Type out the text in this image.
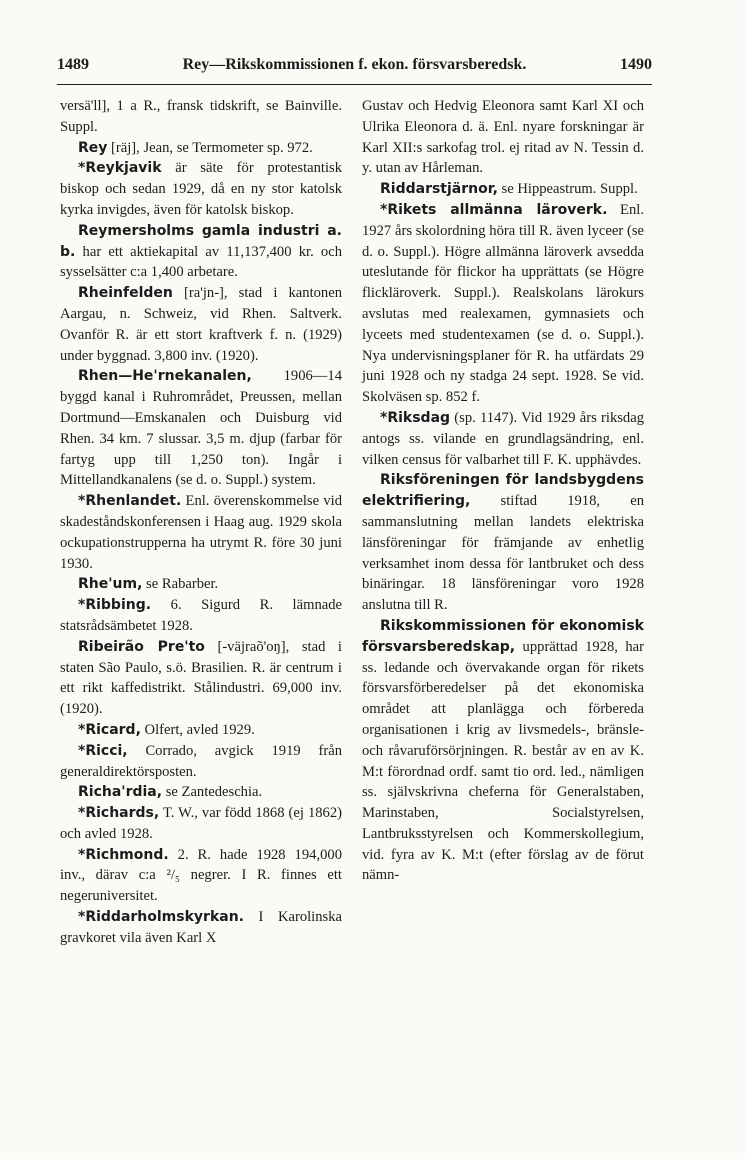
1489	Rey—Rikskommissionen f. ekon. försvarsberedsk.	1490

versä'll], 1 a R., fransk tidskrift, se Bainville. Suppl.

Rey [räj], Jean, se Termometer sp. 972.

*Reykjavik är säte för protestantisk biskop och sedan 1929, då en ny stor katolsk kyrka invigdes, även för katolsk biskop.

Reymersholms gamla industri a. b. har ett aktiekapital av 11,137,400 kr. och sysselsätter c:a 1,400 arbetare.

Rheinfelden [ra'jn-], stad i kantonen Aargau, n. Schweiz, vid Rhen. Saltverk. Ovanför R. är ett stort kraftverk f. n. (1929) under byggnad. 3,800 inv. (1920).

Rhen—He'rnekanalen, 1906—14 byggd kanal i Ruhrområdet, Preussen, mellan Dortmund—Emskanalen och Duisburg vid Rhen. 34 km. 7 slussar. 3,5 m. djup (farbar för fartyg upp till 1,250 ton). Ingår i Mittellandkanalens (se d. o. Suppl.) system.

*Rhenlandet. Enl. överenskommelse vid skadeståndskonferensen i Haag aug. 1929 skola ockupationstrupperna ha utrymt R. före 30 juni 1930.

Rhe'um, se Rabarber.

*Ribbing. 6. Sigurd R. lämnade statsrådsämbetet 1928.

Ribeirão Pre'to [-väjraõ'oŋ], stad i staten São Paulo, s.ö. Brasilien. R. är centrum i ett rikt kaffedistrikt. Stålindustri. 69,000 inv. (1920).

*Ricard, Olfert, avled 1929.

*Ricci, Corrado, avgick 1919 från generaldirektörsposten.

Richa'rdia, se Zantedeschia.

*Richards, T. W., var född 1868 (ej 1862) och avled 1928.

*Richmond. 2. R. hade 1928 194,000 inv., därav c:a ²/₅ negrer. I R. finnes ett negeruniversitet.

*Riddarholmskyrkan. I Karolinska gravkoret vila även Karl X

Gustav och Hedvig Eleonora samt Karl XI och Ulrika Eleonora d. ä. Enl. nyare forskningar är Karl XII:s sarkofag trol. ej ritad av N. Tessin d. y. utan av Hårleman.

Riddarstjärnor, se Hippeastrum. Suppl.

*Rikets allmänna läroverk. Enl. 1927 års skolordning höra till R. även lyceer (se d. o. Suppl.). Högre allmänna läroverk avsedda uteslutande för flickor ha upprättats (se Högre flickläroverk. Suppl.). Realskolans lärokurs avslutas med realexamen, gymnasiets och lyceets med studentexamen (se d. o. Suppl.). Nya undervisningsplaner för R. ha utfärdats 29 juni 1928 och ny stadga 24 sept. 1928. Se vid. Skolväsen sp. 852 f.

*Riksdag (sp. 1147). Vid 1929 års riksdag antogs ss. vilande en grundlagsändring, enl. vilken census för valbarhet till F. K. upphävdes.

Riksföreningen för landsbygdens elektrifiering, stiftad 1918, en sammanslutning mellan landets elektriska länsföreningar för främjande av enhetlig verksamhet inom dessa för lantbruket och dess binäringar. 18 länsföreningar voro 1928 anslutna till R.

Rikskommissionen för ekonomisk försvarsberedskap, upprättad 1928, har ss. ledande och övervakande organ för rikets försvarsförberedelser på det ekonomiska området att planlägga och förbereda organisationen i krig av livsmedels-, bränsle- och råvaruförsörjningen. R. består av en av K. M:t förordnad ordf. samt tio ord. led., nämligen ss. självskrivna cheferna för Generalstaben, Marinstaben, Socialstyrelsen, Lantbruksstyrelsen och Kommerskollegium, vid. fyra av K. M:t (efter förslag av de förut nämn-
